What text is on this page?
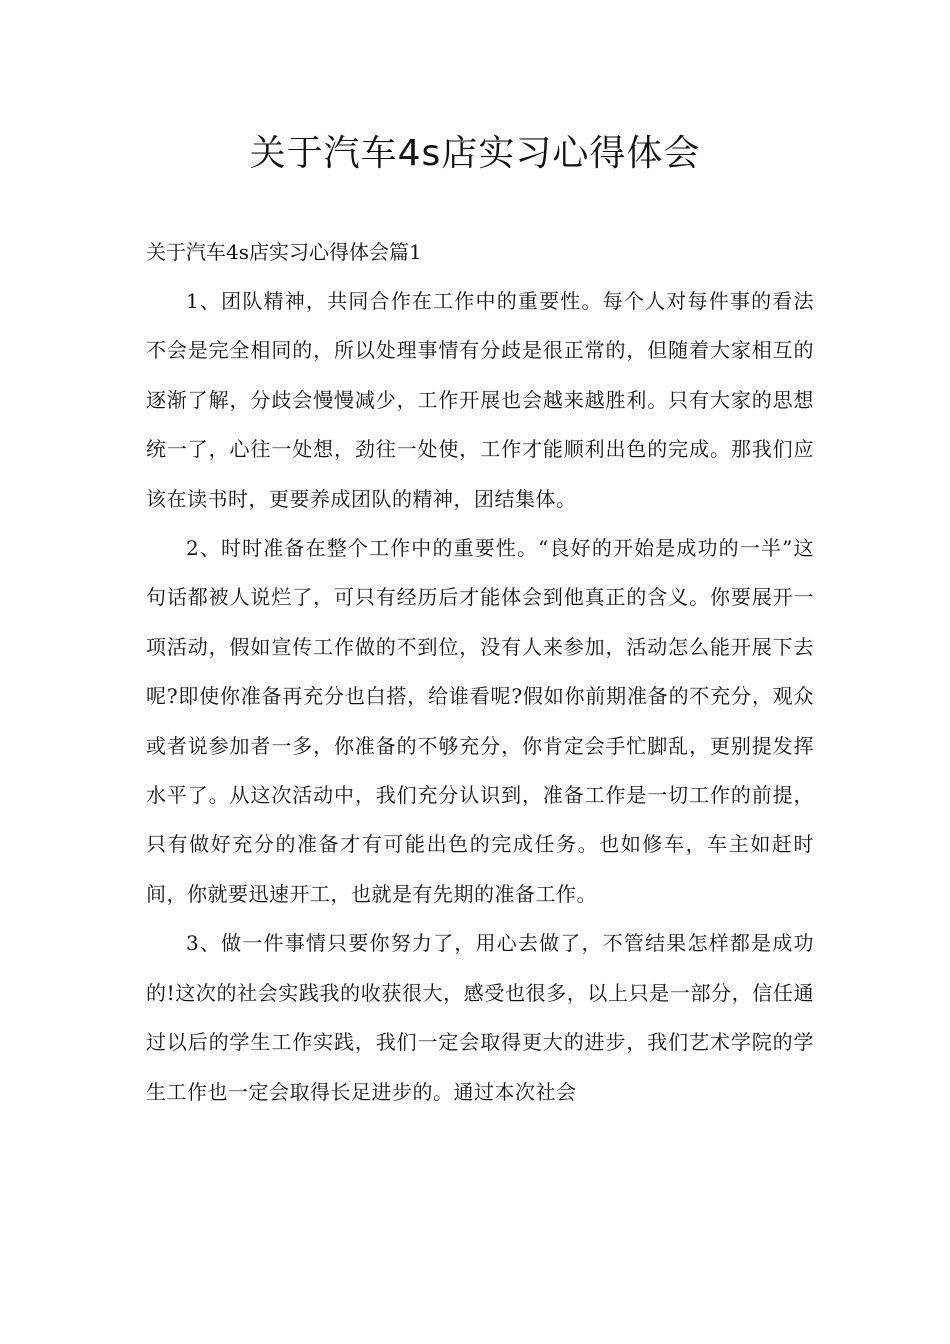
关于汽车4s店实习心得体会

关于汽车4s店实习心得体会篇1

1、团队精神，共同合作在工作中的重要性。每个人对每件事的看法不会是完全相同的，所以处理事情有分歧是很正常的，但随着大家相互的逐渐了解，分歧会慢慢减少，工作开展也会越来越胜利。只有大家的思想统一了，心往一处想，劲往一处使，工作才能顺利出色的完成。那我们应该在读书时，更要养成团队的精神，团结集体。

2、时时准备在整个工作中的重要性。“良好的开始是成功的一半”这句话都被人说烂了，可只有经历后才能体会到他真正的含义。你要展开一项活动，假如宣传工作做的不到位，没有人来参加，活动怎么能开展下去呢?即使你准备再充分也白搭，给谁看呢?假如你前期准备的不充分，观众或者说参加者一多，你准备的不够充分，你肯定会手忙脚乱，更别提发挥水平了。从这次活动中，我们充分认识到，准备工作是一切工作的前提，只有做好充分的准备才有可能出色的完成任务。也如修车，车主如赶时间，你就要迅速开工，也就是有先期的准备工作。

3、做一件事情只要你努力了，用心去做了，不管结果怎样都是成功的!这次的社会实践我的收获很大，感受也很多，以上只是一部分，信任通过以后的学生工作实践，我们一定会取得更大的进步，我们艺术学院的学生工作也一定会取得长足进步的。通过本次社会
